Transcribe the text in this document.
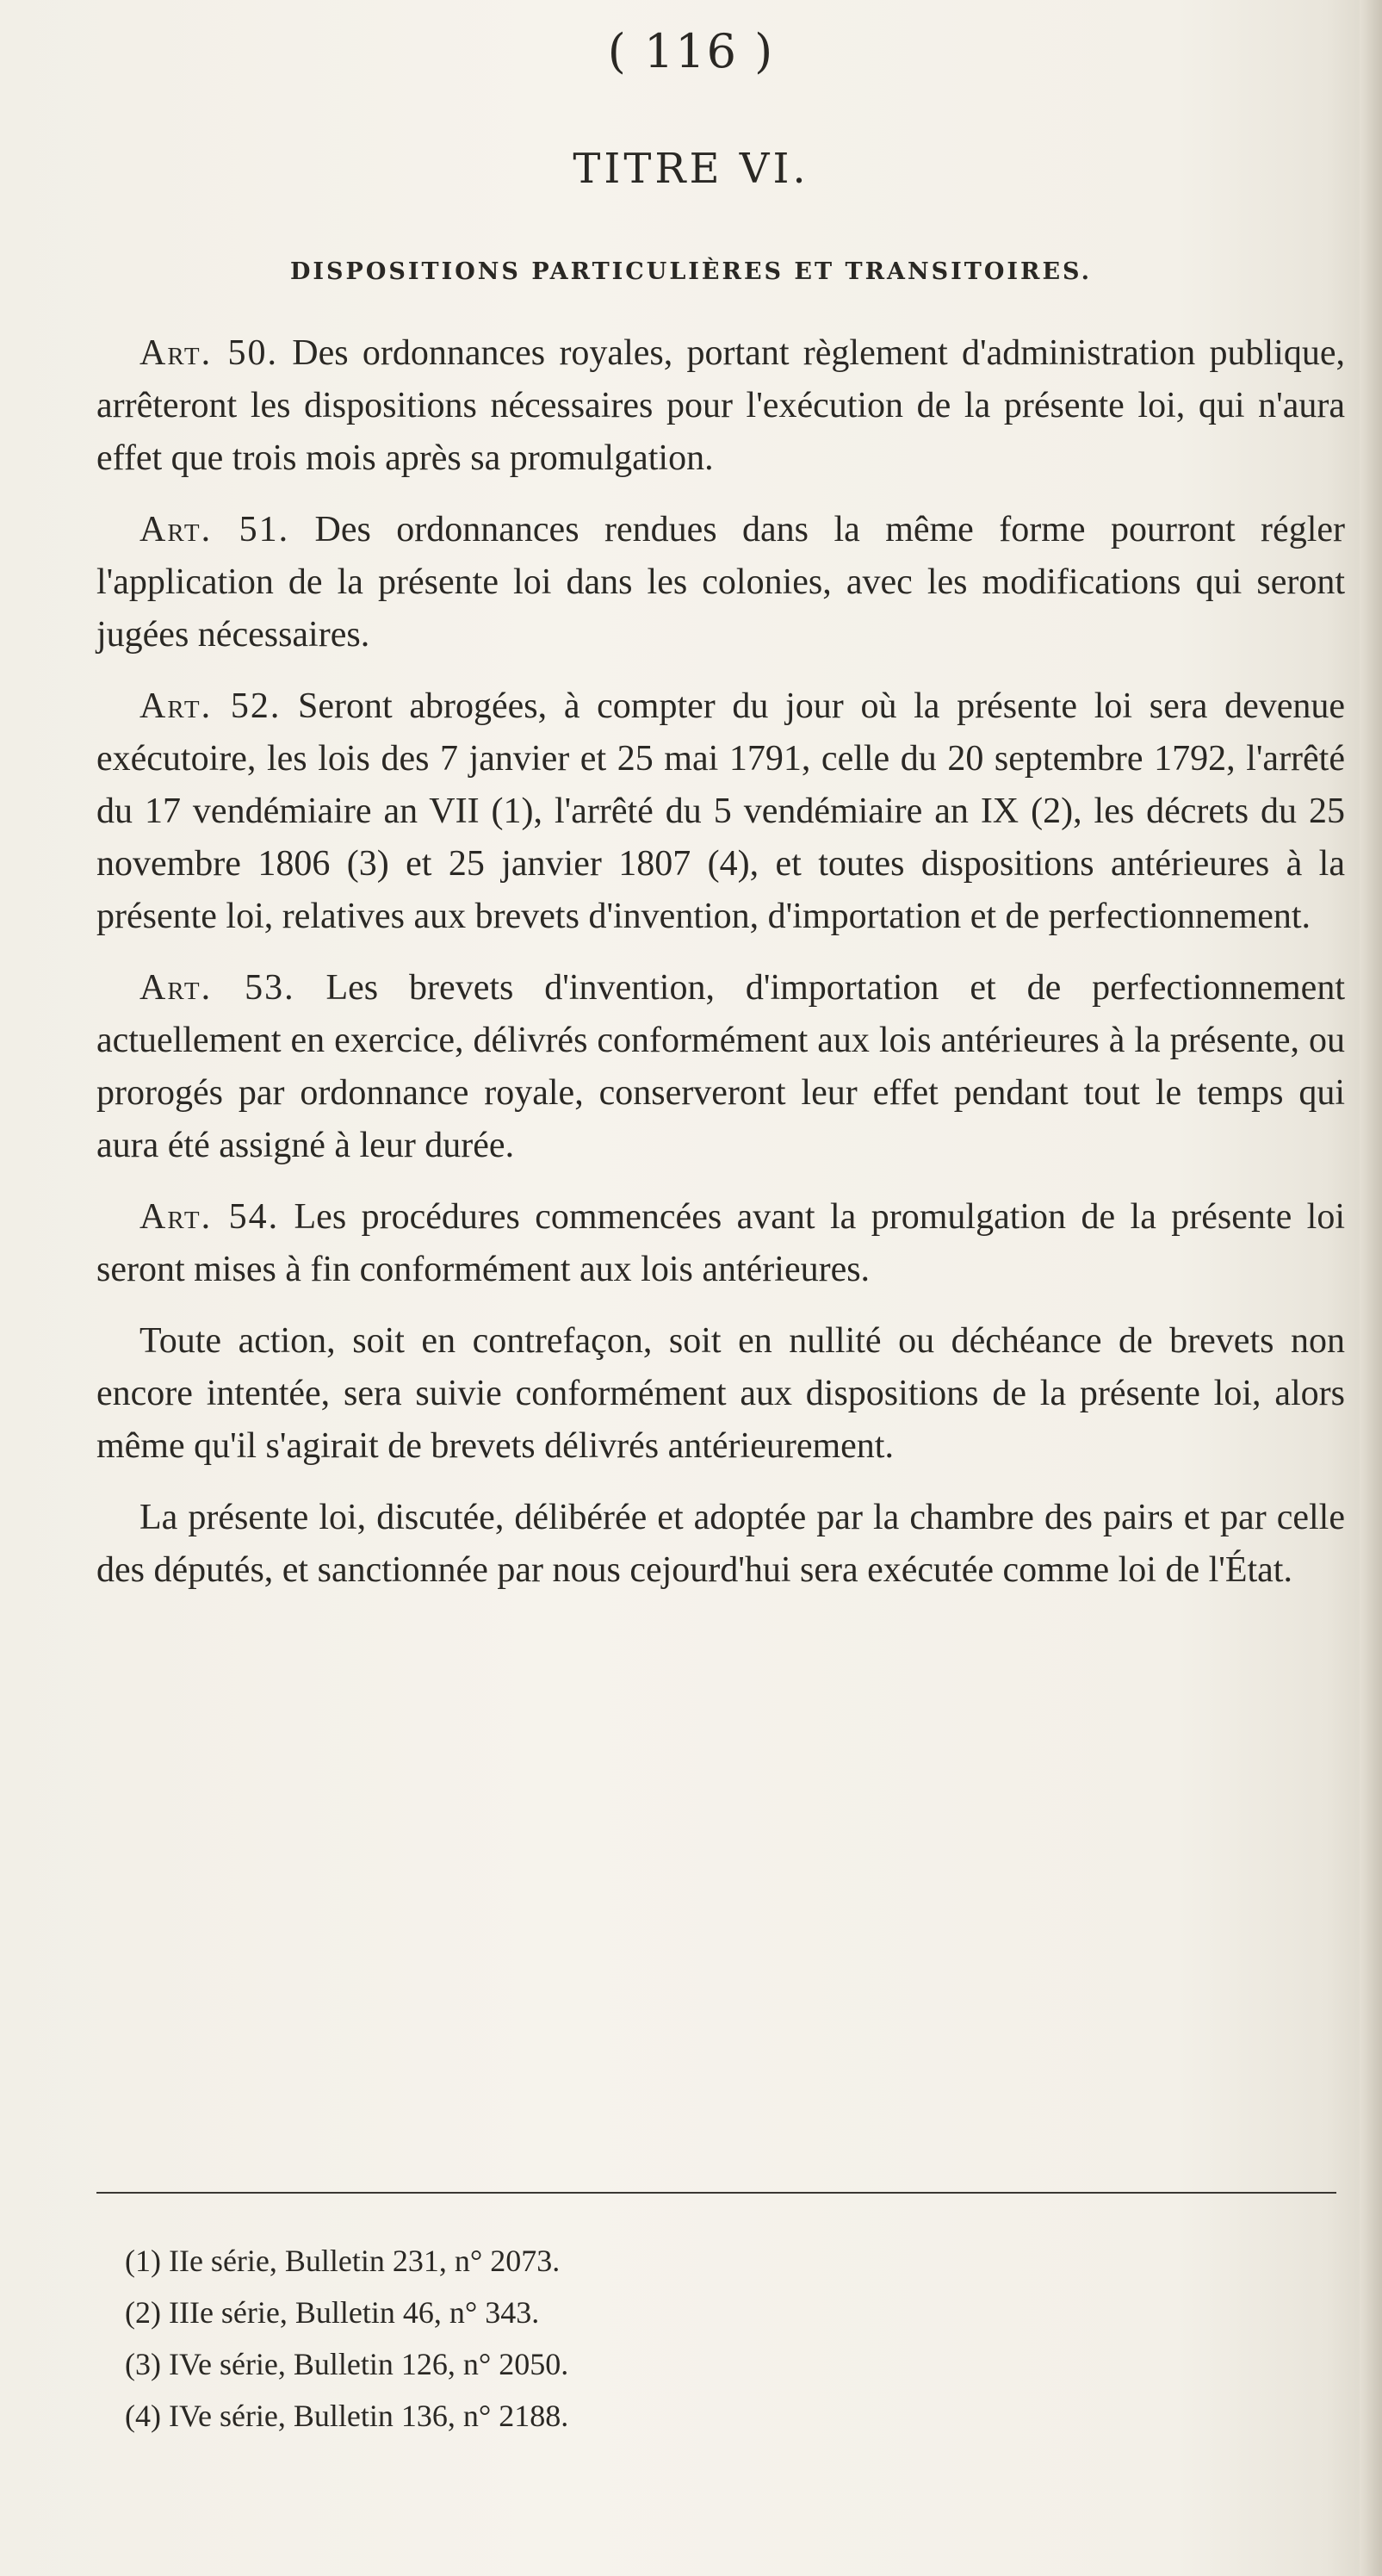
( 116 )
TITRE VI.
DISPOSITIONS PARTICULIÈRES ET TRANSITOIRES.

Art. 50. Des ordonnances royales, portant règlement d'administration publique, arrêteront les dispositions nécessaires pour l'exécution de la présente loi, qui n'aura effet que trois mois après sa promulgation.

Art. 51. Des ordonnances rendues dans la même forme pourront régler l'application de la présente loi dans les colonies, avec les modifications qui seront jugées nécessaires.

Art. 52. Seront abrogées, à compter du jour où la présente loi sera devenue exécutoire, les lois des 7 janvier et 25 mai 1791, celle du 20 septembre 1792, l'arrêté du 17 vendémiaire an VII (1), l'arrêté du 5 vendémiaire an IX (2), les décrets du 25 novembre 1806 (3) et 25 janvier 1807 (4), et toutes dispositions antérieures à la présente loi, relatives aux brevets d'invention, d'importation et de perfectionnement.

Art. 53. Les brevets d'invention, d'importation et de perfectionnement actuellement en exercice, délivrés conformément aux lois antérieures à la présente, ou prorogés par ordonnance royale, conserveront leur effet pendant tout le temps qui aura été assigné à leur durée.

Art. 54. Les procédures commencées avant la promulgation de la présente loi seront mises à fin conformément aux lois antérieures.

Toute action, soit en contrefaçon, soit en nullité ou déchéance de brevets non encore intentée, sera suivie conformément aux dispositions de la présente loi, alors même qu'il s'agirait de brevets délivrés antérieurement.

La présente loi, discutée, délibérée et adoptée par la chambre des pairs et par celle des députés, et sanctionnée par nous cejourd'hui sera exécutée comme loi de l'État.

(1) IIe série, Bulletin 231, n° 2073.

(2) IIIe série, Bulletin 46, n° 343.

(3) IVe série, Bulletin 126, n° 2050.

(4) IVe série, Bulletin 136, n° 2188.
